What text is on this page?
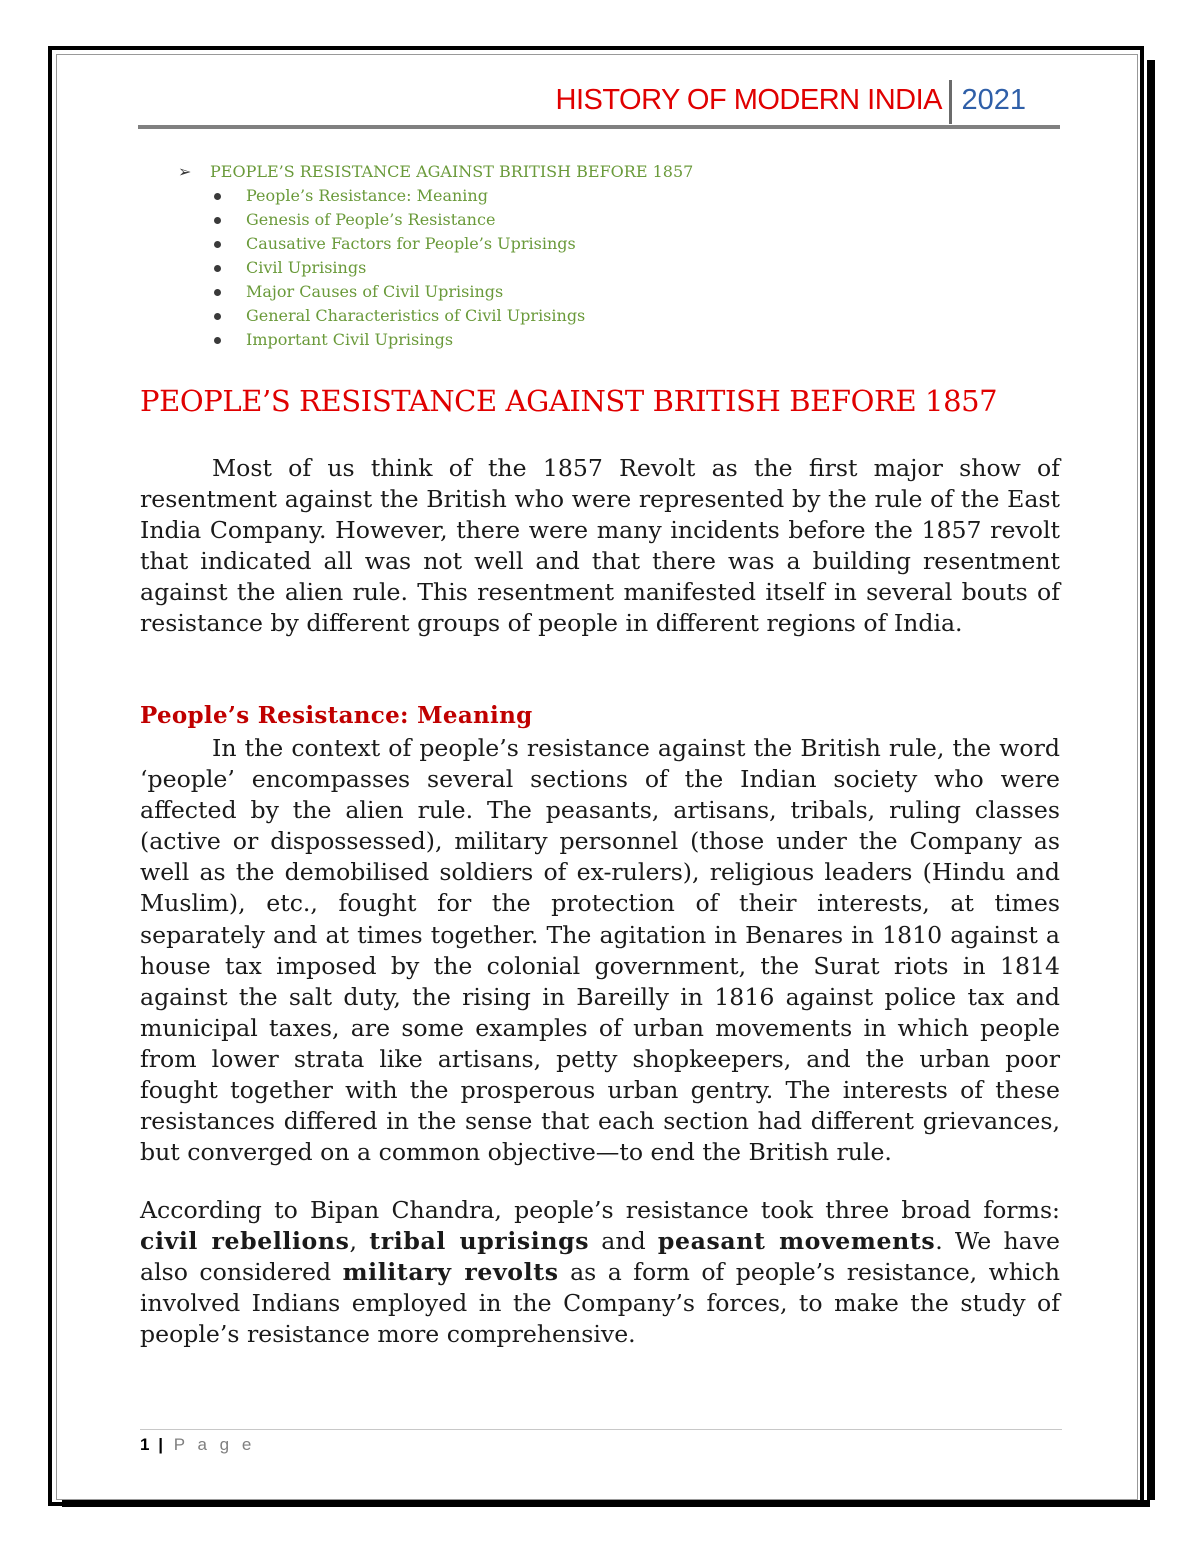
HISTORY OF MODERN INDIA 2021
➢	PEOPLE’S RESISTANCE AGAINST BRITISH BEFORE 1857
People’s Resistance: Meaning
Genesis of People’s Resistance
Causative Factors for People’s Uprisings
Civil Uprisings
Major Causes of Civil Uprisings
General Characteristics of Civil Uprisings
Important Civil Uprisings
PEOPLE’S RESISTANCE AGAINST BRITISH BEFORE 1857

Most of us think of the 1857 Revolt as the first major show of resentment against the British who were represented by the rule of the East India Company. However, there were many incidents before the 1857 revolt that indicated all was not well and that there was a building resentment against the alien rule. This resentment manifested itself in several bouts of resistance by different groups of people in different regions of India.

People’s Resistance: Meaning

In the context of people’s resistance against the British rule, the word ‘people’ encompasses several sections of the Indian society who were affected by the alien rule. The peasants, artisans, tribals, ruling classes (active or dispossessed), military personnel (those under the Company as well as the demobilised soldiers of ex-rulers), religious leaders (Hindu and Muslim), etc., fought for the protection of their interests, at times separately and at times together. The agitation in Benares in 1810 against a house tax imposed by the colonial government, the Surat riots in 1814 against the salt duty, the rising in Bareilly in 1816 against police tax and municipal taxes, are some examples of urban movements in which people from lower strata like artisans, petty shopkeepers, and the urban poor fought together with the prosperous urban gentry. The interests of these resistances differed in the sense that each section had different grievances, but converged on a common objective—to end the British rule.

According to Bipan Chandra, people’s resistance took three broad forms: civil rebellions, tribal uprisings and peasant movements. We have also considered military revolts as a form of people’s resistance, which involved Indians employed in the Company’s forces, to make the study of people’s resistance more comprehensive.

1 | P a g e
